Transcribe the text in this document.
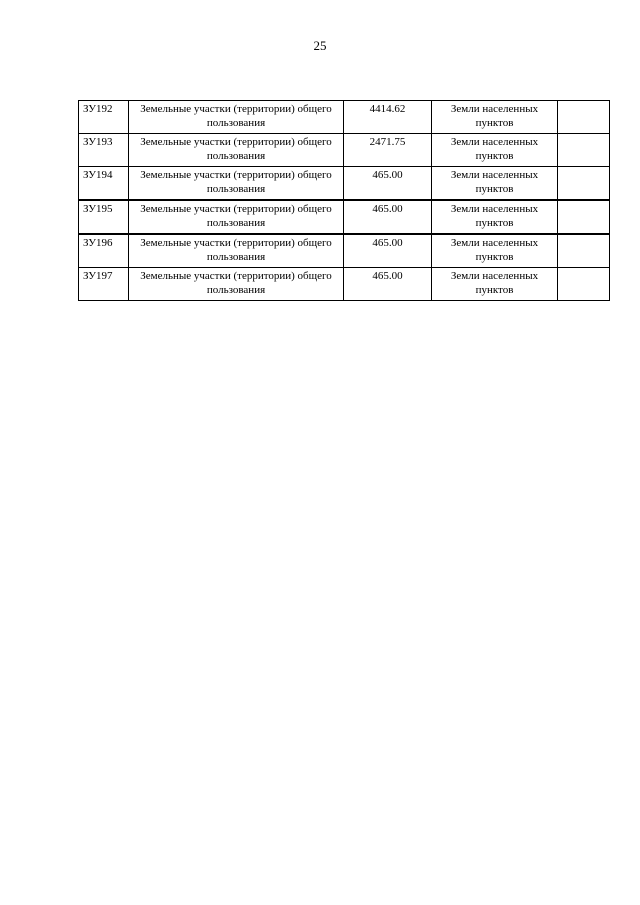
25
ЗУ192	Земельные участки (территории) общего пользования	4414.62	Земли населенных пунктов	
ЗУ193	Земельные участки (территории) общего пользования	2471.75	Земли населенных пунктов	
ЗУ194	Земельные участки (территории) общего пользования	465.00	Земли населенных пунктов	
ЗУ195	Земельные участки (территории) общего пользования	465.00	Земли населенных пунктов	
ЗУ196	Земельные участки (территории) общего пользования	465.00	Земли населенных пунктов	
ЗУ197	Земельные участки (территории) общего пользования	465.00	Земли населенных пунктов	
